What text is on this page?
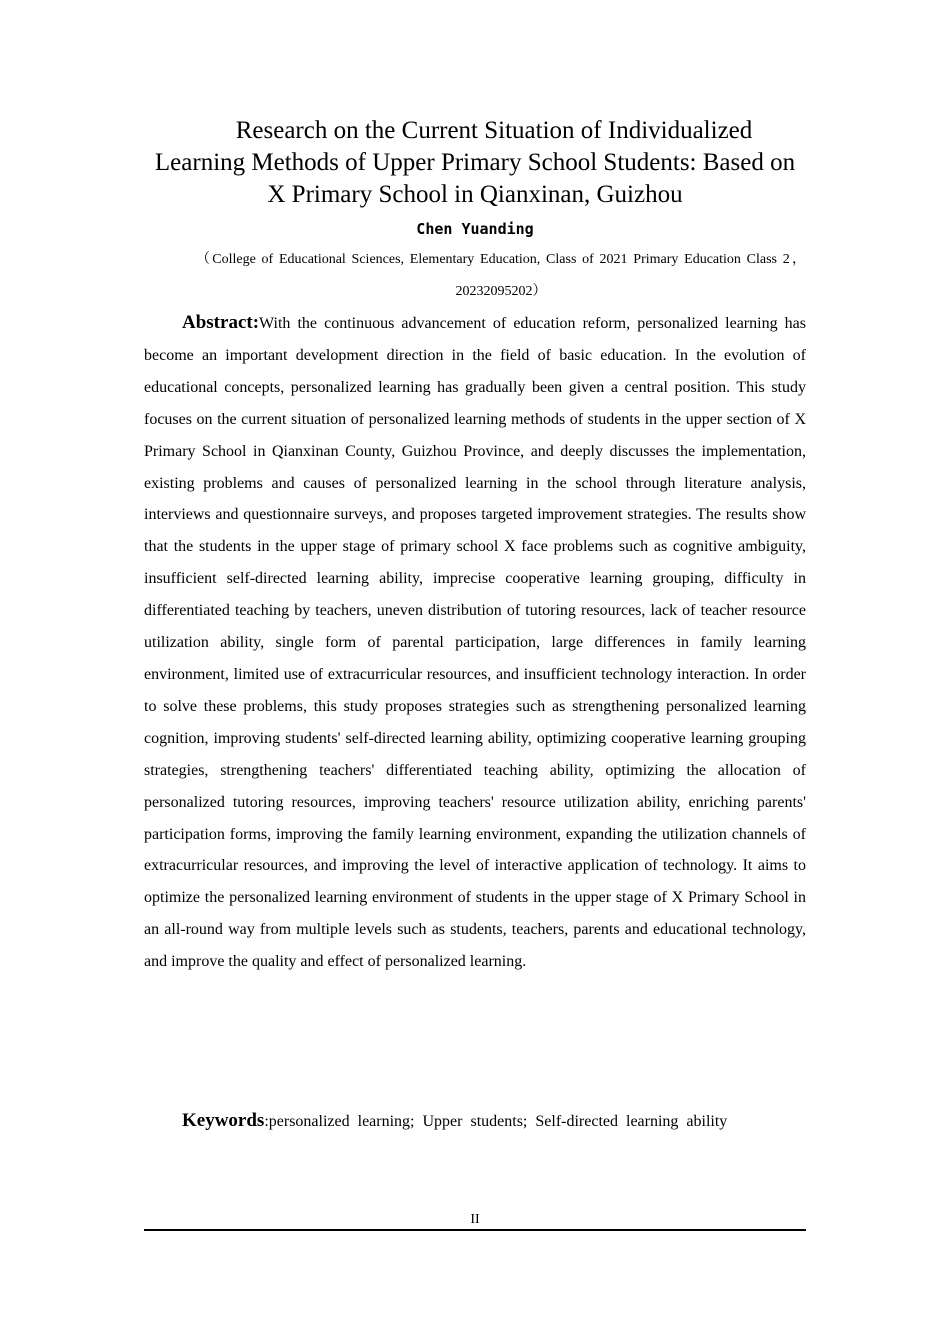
Research on the Current Situation of Individualized
Learning Methods of Upper Primary School Students: Based on
X Primary School in Qianxinan, Guizhou
Chen Yuanding
（College of Educational Sciences, Elementary Education, Class of 2021 Primary Education Class 2，20232095202）

Abstract:With the continuous advancement of education reform, personalized learning has become an important development direction in the field of basic education. In the evolution of educational concepts, personalized learning has gradually been given a central position. This study focuses on the current situation of personalized learning methods of students in the upper section of X Primary School in Qianxinan County, Guizhou Province, and deeply discusses the implementation, existing problems and causes of personalized learning in the school through literature analysis, interviews and questionnaire surveys, and proposes targeted improvement strategies. The results show that the students in the upper stage of primary school X face problems such as cognitive ambiguity, insufficient self-directed learning ability, imprecise cooperative learning grouping, difficulty in differentiated teaching by teachers, uneven distribution of tutoring resources, lack of teacher resource utilization ability, single form of parental participation, large differences in family learning environment, limited use of extracurricular resources, and insufficient technology interaction. In order to solve these problems, this study proposes strategies such as strengthening personalized learning cognition, improving students' self-directed learning ability, optimizing cooperative learning grouping strategies, strengthening teachers' differentiated teaching ability, optimizing the allocation of personalized tutoring resources, improving teachers' resource utilization ability, enriching parents' participation forms, improving the family learning environment, expanding the utilization channels of extracurricular resources, and improving the level of interactive application of technology. It aims to optimize the personalized learning environment of students in the upper stage of X Primary School in an all-round way from multiple levels such as students, teachers, parents and educational technology, and improve the quality and effect of personalized learning.

Keywords:personalized learning; Upper students; Self-directed learning ability

II
